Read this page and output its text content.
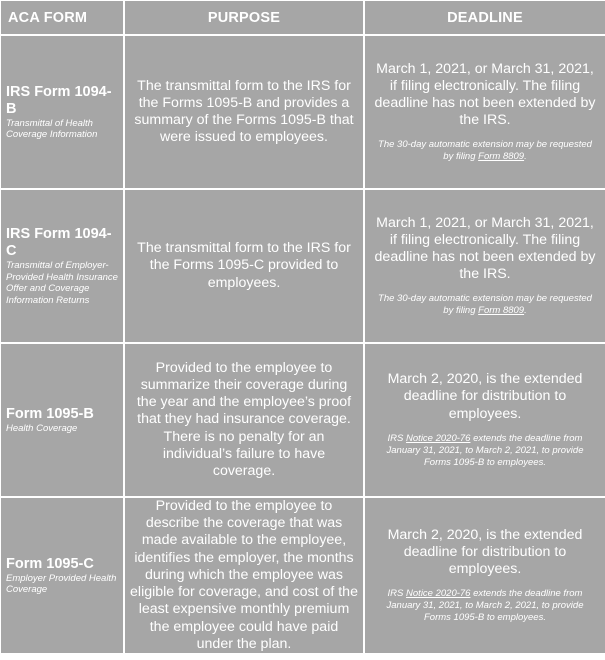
ACA FORM	PURPOSE	DEADLINE
IRS Form 1094-B
Transmittal of Health Coverage Information
The transmittal form to the IRS for the Forms 1095-B and provides a summary of the Forms 1095-B that were issued to employees.
March 1, 2021, or March 31, 2021, if filing electronically. The filing deadline has not been extended by the IRS.
The 30-day automatic extension may be requested by filing Form 8809.
IRS Form 1094-C
Transmittal of Employer-Provided Health Insurance Offer and Coverage Information Returns
The transmittal form to the IRS for the Forms 1095-C provided to employees.
March 1, 2021, or March 31, 2021, if filing electronically. The filing deadline has not been extended by the IRS.
The 30-day automatic extension may be requested by filing Form 8809.
Form 1095-B
Health Coverage
Provided to the employee to summarize their coverage during the year and the employee’s proof that they had insurance coverage. There is no penalty for an individual’s failure to have coverage.
March 2, 2020, is the extended deadline for distribution to employees.
IRS Notice 2020-76 extends the deadline from January 31, 2021, to March 2, 2021, to provide Forms 1095-B to employees.
Form 1095-C
Employer Provided Health Coverage
Provided to the employee to describe the coverage that was made available to the employee, identifies the employer, the months during which the employee was eligible for coverage, and cost of the least expensive monthly premium the employee could have paid under the plan.
March 2, 2020, is the extended deadline for distribution to employees.
IRS Notice 2020-76 extends the deadline from January 31, 2021, to March 2, 2021, to provide Forms 1095-B to employees.
